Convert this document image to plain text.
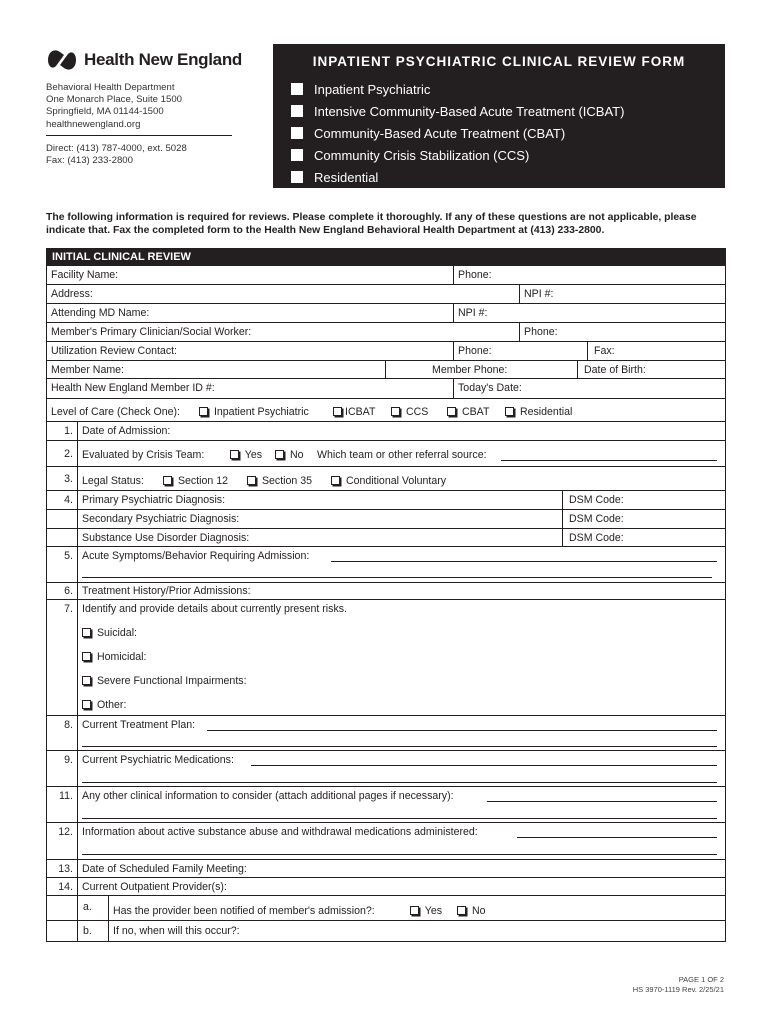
Health New England
Behavioral Health Department
One Monarch Place, Suite 1500
Springfield, MA 01144-1500
healthnewengland.org
Direct: (413) 787-4000, ext. 5028
Fax: (413) 233-2800
INPATIENT PSYCHIATRIC CLINICAL REVIEW FORM
Inpatient Psychiatric
Intensive Community-Based Acute Treatment (ICBAT)
Community-Based Acute Treatment (CBAT)
Community Crisis Stabilization (CCS)
Residential
The following information is required for reviews. Please complete it thoroughly. If any of these questions are not applicable, please indicate that. Fax the completed form to the Health New England Behavioral Health Department at (413) 233-2800.
INITIAL CLINICAL REVIEW
Facility Name:	Phone:
Address:	NPI #:
Attending MD Name:	NPI #:
Member's Primary Clinician/Social Worker:	Phone:
Utilization Review Contact:	Phone:	Fax:
Member Name:	Member Phone:	Date of Birth:
Health New England Member ID #:	Today's Date:
Level of Care (Check One):	Inpatient Psychiatric	ICBAT	CCS	CBAT	Residential
1. Date of Admission:
2. Evaluated by Crisis Team:	Yes	No Which team or other referral source:
3. Legal Status:	Section 12	Section 35	Conditional Voluntary
4. Primary Psychiatric Diagnosis:	DSM Code:
Secondary Psychiatric Diagnosis:	DSM Code:
Substance Use Disorder Diagnosis:	DSM Code:
5. Acute Symptoms/Behavior Requiring Admission:
6. Treatment History/Prior Admissions:
7. Identify and provide details about currently present risks.
Suicidal:
Homicidal:
Severe Functional Impairments:
Other:
8. Current Treatment Plan:
9. Current Psychiatric Medications:
11. Any other clinical information to consider (attach additional pages if necessary):
12. Information about active substance abuse and withdrawal medications administered:
13. Date of Scheduled Family Meeting:
14. Current Outpatient Provider(s):
a. Has the provider been notified of member's admission?:	Yes	No
b. If no, when will this occur?:
PAGE 1 OF 2
HS 3970-1119 Rev. 2/25/21
